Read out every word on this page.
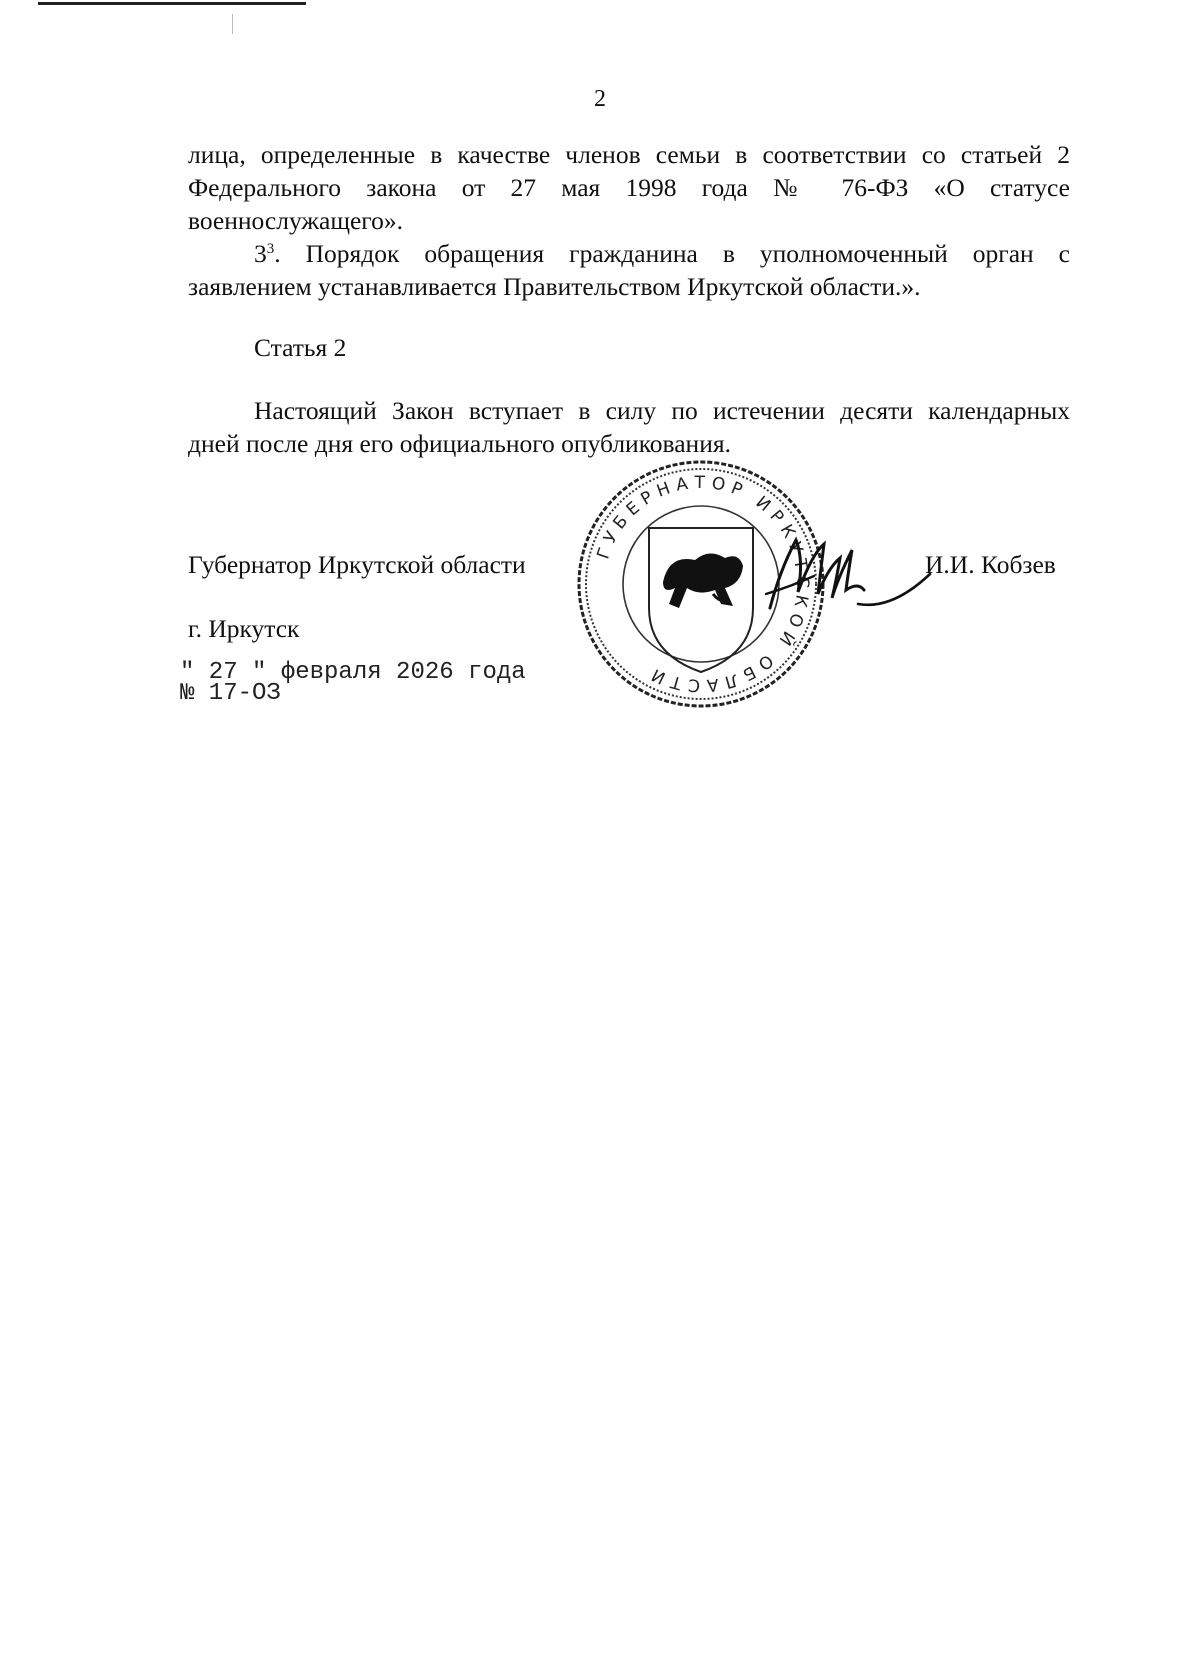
2
лица, определенные в качестве членов семьи в соответствии со статьей 2
Федерального закона от 27 мая 1998 года № 76-ФЗ «О статусе
военнослужащего».
$3^3$. Порядок обращения гражданина в уполномоченный орган с
заявлением устанавливается Правительством Иркутской области.».
Статья 2
Настоящий Закон вступает в силу по истечении десяти календарных
дней после дня его официального опубликования.
ГУБЕРНАТОР ИРКУТСКОЙ ОБЛАСТИ
Губернатор Иркутской области	И.И. Кобзев
г. Иркутск
" 27 " февраля 2026 года
№ 17-ОЗ
